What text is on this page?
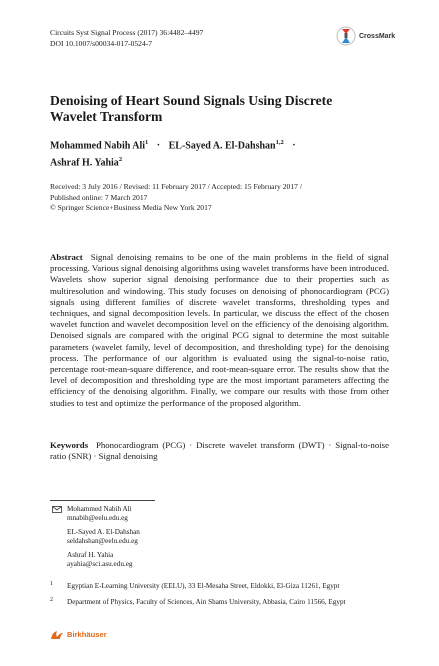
Circuits Syst Signal Process (2017) 36:4482–4497
DOI 10.1007/s00034-017-0524-7
CrossMark
Denoising of Heart Sound Signals Using Discrete Wavelet Transform
Mohammed Nabih Ali$^1$ · EL-Sayed A. El-Dahshan$^{1,2}$ ·
Ashraf H. Yahia$^2$
Received: 3 July 2016 / Revised: 11 February 2017 / Accepted: 15 February 2017 /
Published online: 7 March 2017
© Springer Science+Business Media New York 2017
Abstract Signal denoising remains to be one of the main problems in the field of signal processing. Various signal denoising algorithms using wavelet transforms have been introduced. Wavelets show superior signal denoising performance due to their properties such as multiresolution and windowing. This study focuses on denoising of phonocardiogram (PCG) signals using different families of discrete wavelet transforms, thresholding types and techniques, and signal decomposition levels. In particular, we discuss the effect of the chosen wavelet function and wavelet decomposition level on the efficiency of the denoising algorithm. Denoised signals are compared with the original PCG signal to determine the most suitable parameters (wavelet family, level of decomposition, and thresholding type) for the denoising process. The performance of our algorithm is evaluated using the signal-to-noise ratio, percentage root-mean-square difference, and root-mean-square error. The results show that the level of decomposition and thresholding type are the most important parameters affecting the efficiency of the denoising algorithm. Finally, we compare our results with those from other studies to test and optimize the performance of the proposed algorithm.
Keywords Phonocardiogram (PCG) · Discrete wavelet transform (DWT) · Signal-to-noise ratio (SNR) · Signal denoising
Mohammed Nabih Ali
mnabih@eelu.edu.eg
EL-Sayed A. El-Dahshan
seldahshan@eelu.edu.eg
Ashraf H. Yahia
ayahia@sci.asu.edu.eg
1 Egyptian E-Learning University (EELU), 33 El-Mesaha Street, Eldokki, El-Giza 11261, Egypt
2 Department of Physics, Faculty of Sciences, Ain Shams University, Abbasia, Cairo 11566, Egypt
Birkhäuser
